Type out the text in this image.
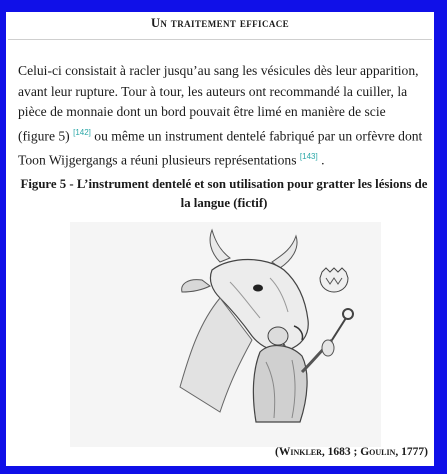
Un traitement efficace

Celui-ci consistait à racler jusqu’au sang les vésicules dès leur apparition, avant leur rupture. Tour à tour, les auteurs ont recommandé la cuiller, la pièce de monnaie dont un bord pouvait être limé en manière de scie (figure 5) [142] ou même un instrument dentelé fabriqué par un orfèvre dont Toon Wijgergangs a réuni plusieurs représentations [143] .

Figure 5 - L’instrument dentelé et son utilisation pour gratter les lésions de la langue (fictif)
(Winkler, 1683 ; Goulin, 1777)
